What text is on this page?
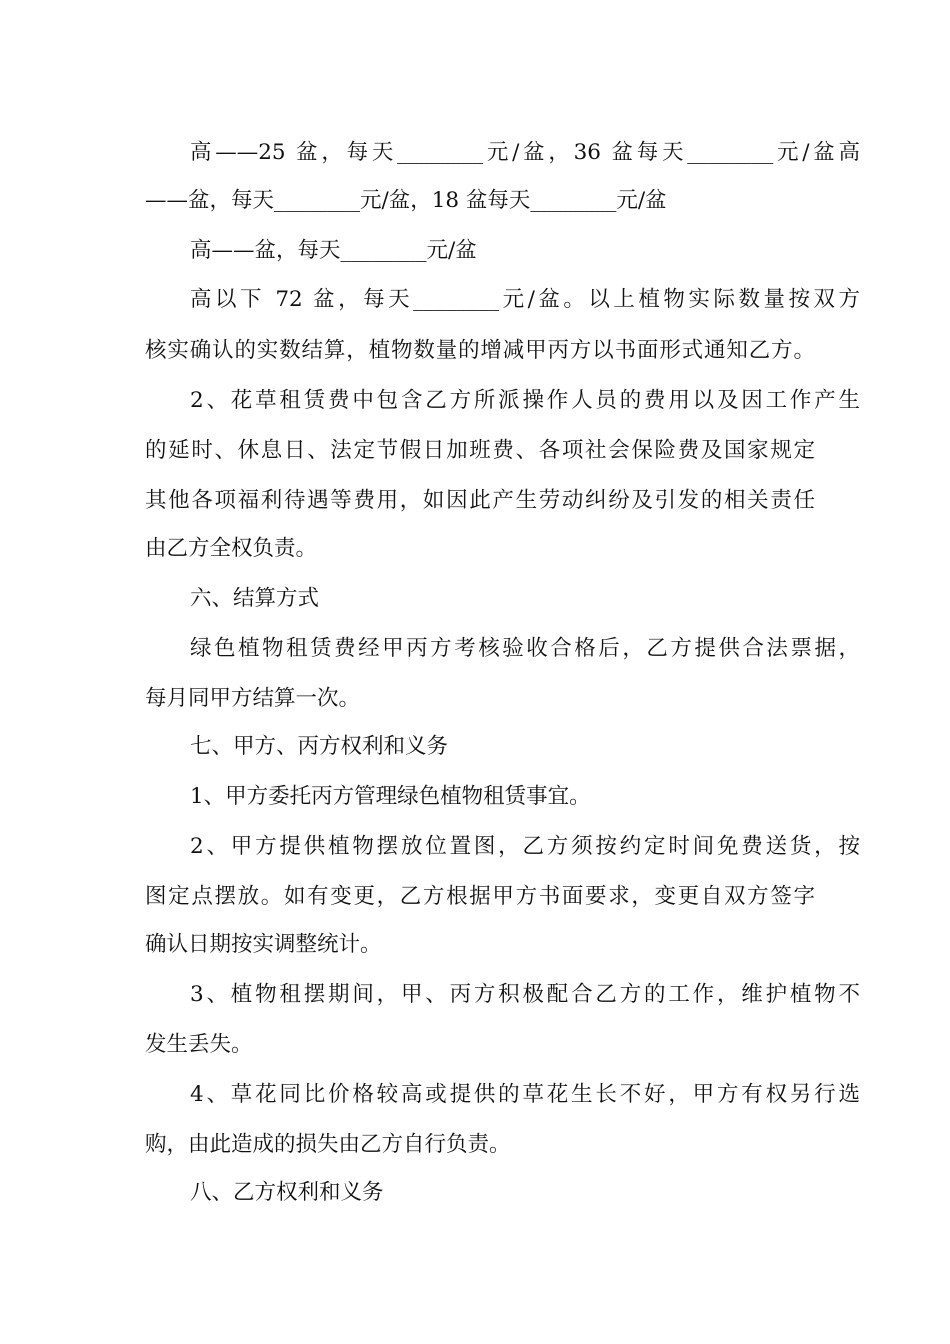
高——25 盆，每天________元/盆，36 盆每天________元/盆高
——盆，每天________元/盆，18 盆每天________元/盆
高——盆，每天________元/盆
高以下 72 盆，每天________元/盆。以上植物实际数量按双方
核实确认的实数结算，植物数量的增减甲丙方以书面形式通知乙方。
2、花草租赁费中包含乙方所派操作人员的费用以及因工作产生
的延时、休息日、法定节假日加班费、各项社会保险费及国家规定
其他各项福利待遇等费用，如因此产生劳动纠纷及引发的相关责任
由乙方全权负责。
六、结算方式
绿色植物租赁费经甲丙方考核验收合格后，乙方提供合法票据，
每月同甲方结算一次。
七、甲方、丙方权利和义务
1、甲方委托丙方管理绿色植物租赁事宜。
2、甲方提供植物摆放位置图，乙方须按约定时间免费送货，按
图定点摆放。如有变更，乙方根据甲方书面要求，变更自双方签字
确认日期按实调整统计。
3、植物租摆期间，甲、丙方积极配合乙方的工作，维护植物不
发生丢失。
4、草花同比价格较高或提供的草花生长不好，甲方有权另行选
购，由此造成的损失由乙方自行负责。
八、乙方权利和义务
